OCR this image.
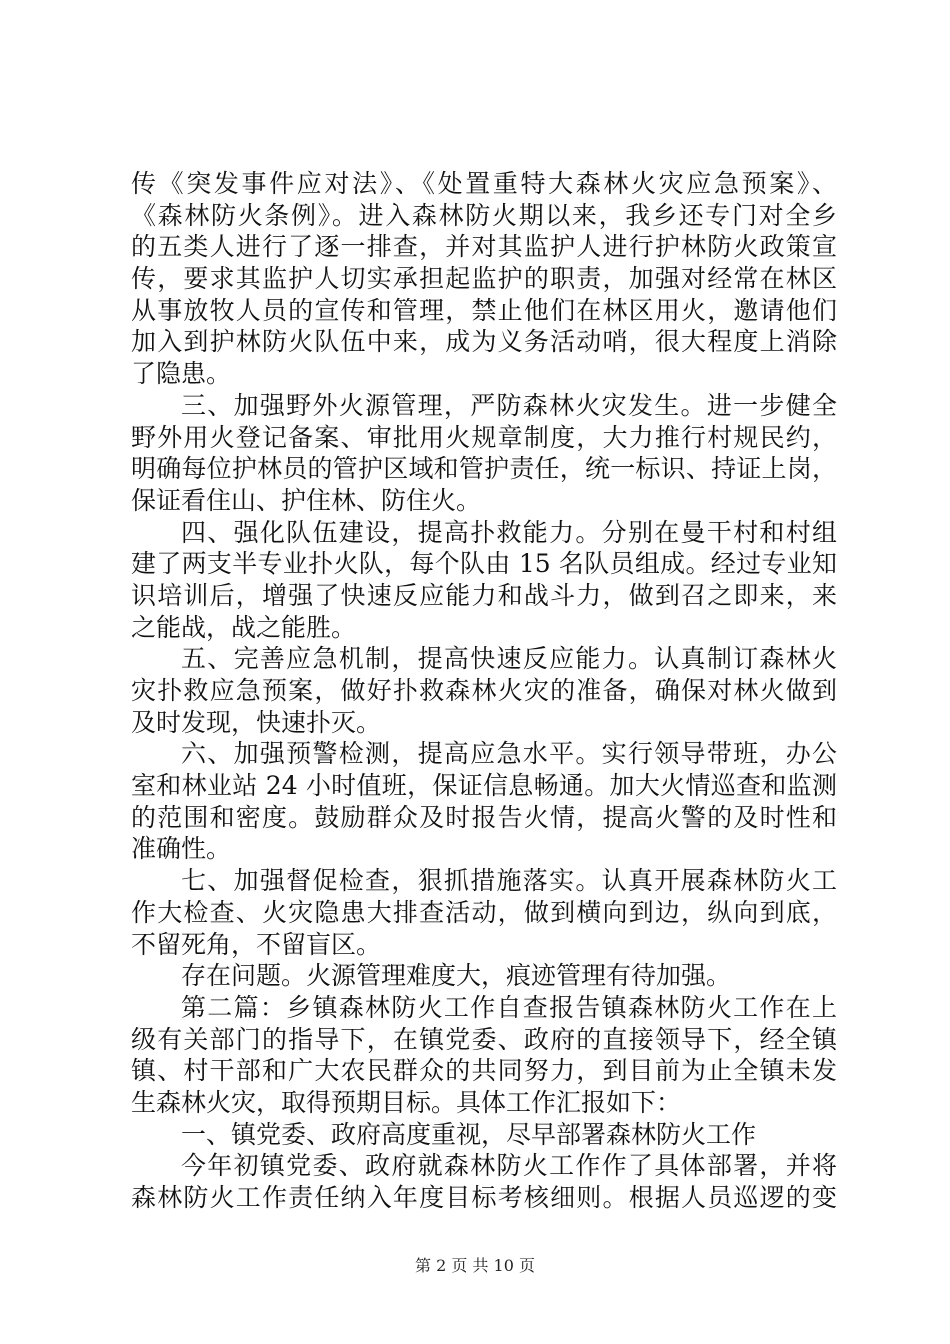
传《突发事件应对法》、《处置重特大森林火灾应急预案》、
《森林防火条例》。进入森林防火期以来，我乡还专门对全乡
的五类人进行了逐一排查，并对其监护人进行护林防火政策宣
传，要求其监护人切实承担起监护的职责，加强对经常在林区
从事放牧人员的宣传和管理，禁止他们在林区用火，邀请他们
加入到护林防火队伍中来，成为义务活动哨，很大程度上消除
了隐患。
三、加强野外火源管理，严防森林火灾发生。进一步健全
野外用火登记备案、审批用火规章制度，大力推行村规民约，
明确每位护林员的管护区域和管护责任，统一标识、持证上岗，
保证看住山、护住林、防住火。
四、强化队伍建设，提高扑救能力。分别在曼干村和村组
建了两支半专业扑火队，每个队由 15 名队员组成。经过专业知
识培训后，增强了快速反应能力和战斗力，做到召之即来，来
之能战，战之能胜。
五、完善应急机制，提高快速反应能力。认真制订森林火
灾扑救应急预案，做好扑救森林火灾的准备，确保对林火做到
及时发现，快速扑灭。
六、加强预警检测，提高应急水平。实行领导带班，办公
室和林业站 24 小时值班，保证信息畅通。加大火情巡查和监测
的范围和密度。鼓励群众及时报告火情，提高火警的及时性和
准确性。
七、加强督促检查，狠抓措施落实。认真开展森林防火工
作大检查、火灾隐患大排查活动，做到横向到边，纵向到底，
不留死角，不留盲区。
存在问题。火源管理难度大，痕迹管理有待加强。
第二篇：乡镇森林防火工作自查报告镇森林防火工作在上
级有关部门的指导下，在镇党委、政府的直接领导下，经全镇
镇、村干部和广大农民群众的共同努力，到目前为止全镇未发
生森林火灾，取得预期目标。具体工作汇报如下：
一、镇党委、政府高度重视，尽早部署森林防火工作
今年初镇党委、政府就森林防火工作作了具体部署，并将
森林防火工作责任纳入年度目标考核细则。根据人员巡逻的变
第 2 页 共 10 页
